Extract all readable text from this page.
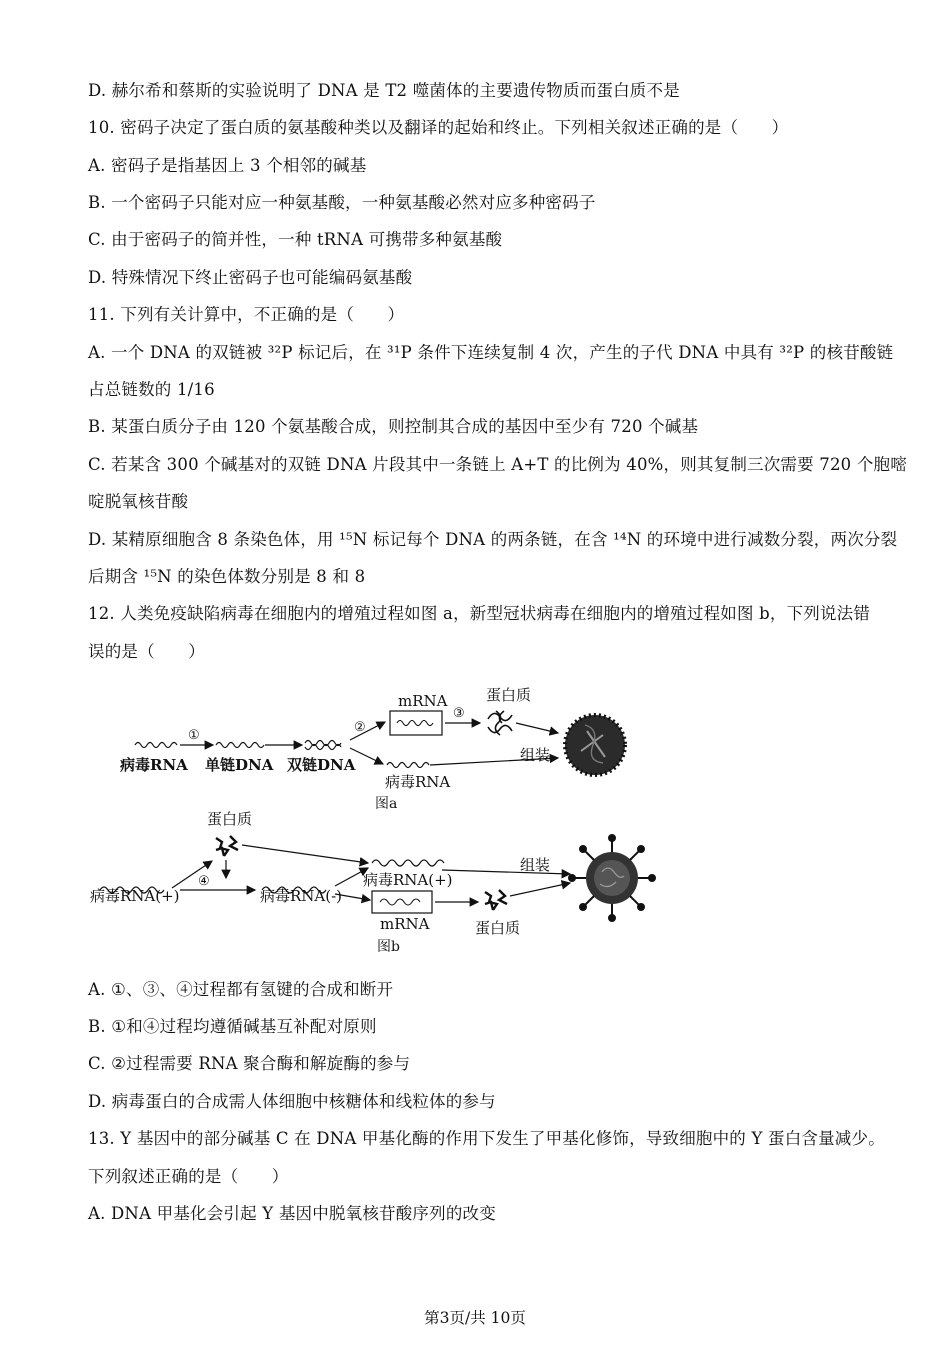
D. 赫尔希和蔡斯的实验说明了 DNA 是 T2 噬菌体的主要遗传物质而蛋白质不是
10. 密码子决定了蛋白质的氨基酸种类以及翻译的起始和终止。下列相关叙述正确的是（　　）
A. 密码子是指基因上 3 个相邻的碱基
B. 一个密码子只能对应一种氨基酸，一种氨基酸必然对应多种密码子
C. 由于密码子的简并性，一种 tRNA 可携带多种氨基酸
D. 特殊情况下终止密码子也可能编码氨基酸
11. 下列有关计算中，不正确的是（　　）
A. 一个 DNA 的双链被 ³²P 标记后，在 ³¹P 条件下连续复制 4 次，产生的子代 DNA 中具有 ³²P 的核苷酸链
占总链数的 1/16
B. 某蛋白质分子由 120 个氨基酸合成，则控制其合成的基因中至少有 720 个碱基
C. 若某含 300 个碱基对的双链 DNA 片段其中一条链上 A+T 的比例为 40%，则其复制三次需要 720 个胞嘧
啶脱氧核苷酸
D. 某精原细胞含 8 条染色体，用 ¹⁵N 标记每个 DNA 的两条链，在含 ¹⁴N 的环境中进行减数分裂，两次分裂
后期含 ¹⁵N 的染色体数分别是 8 和 8
12. 人类免疫缺陷病毒在细胞内的增殖过程如图 a，新型冠状病毒在细胞内的增殖过程如图 b，下列说法错
误的是（　　）
①
②
mRNA
③
蛋白质
组装
病毒RNA 单链DNA 双链DNA
病毒RNA
图a
蛋白质
④
组装
病毒RNA(+)	病毒RNA(-)
病毒RNA(+)
mRNA	蛋白质
图b
A. ①、③、④过程都有氢键的合成和断开
B. ①和④过程均遵循碱基互补配对原则
C. ②过程需要 RNA 聚合酶和解旋酶的参与
D. 病毒蛋白的合成需人体细胞中核糖体和线粒体的参与
13. Y 基因中的部分碱基 C 在 DNA 甲基化酶的作用下发生了甲基化修饰，导致细胞中的 Y 蛋白含量减少。
下列叙述正确的是（　　）
A. DNA 甲基化会引起 Y 基因中脱氧核苷酸序列的改变
第3页/共 10页
